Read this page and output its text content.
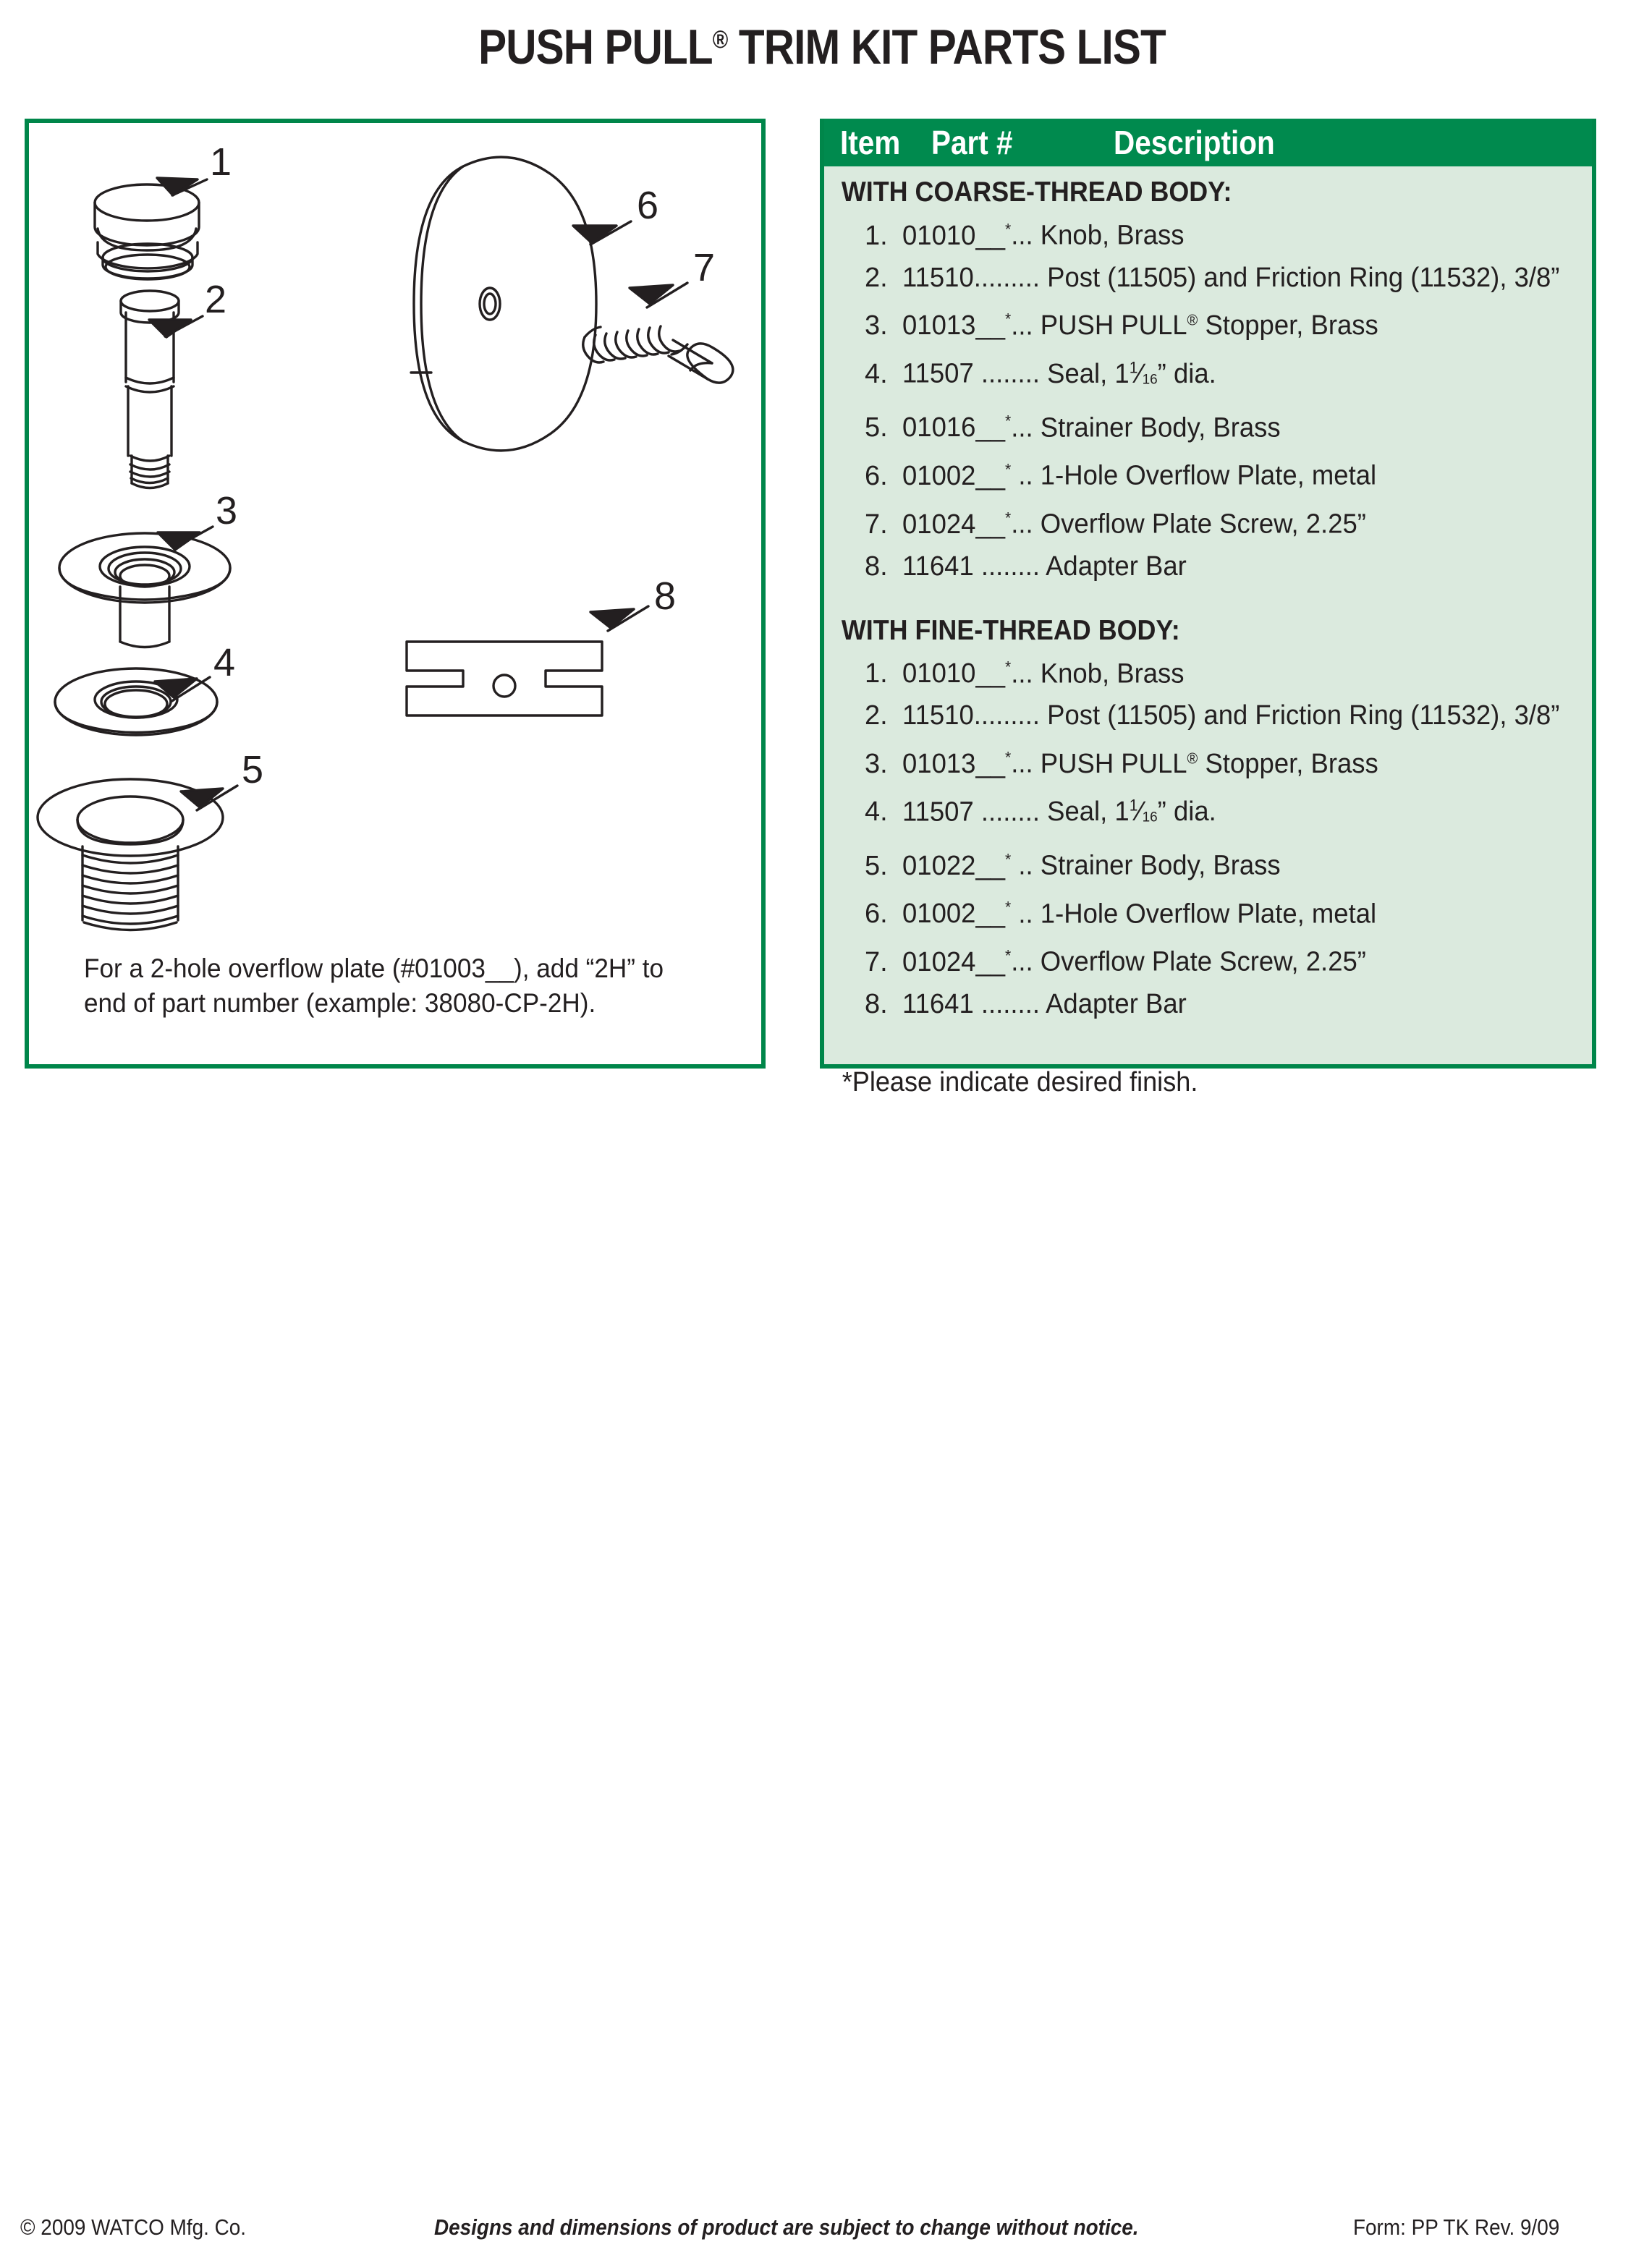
PUSH PULL® TRIM KIT PARTS LIST
1
2
3
4
5
6
7
8
For a 2-hole overflow plate (#01003__), add “2H” to end of part number (example: 38080-CP-2H).
Item Part #	Description
WITH COARSE-THREAD BODY:
1. 01010__*... Knob, Brass
2. 11510......... Post (11505) and Friction Ring (11532), 3/8”
3. 01013__*... PUSH PULL® Stopper, Brass
4. 11507 ........ Seal, $1^1⁄16$” dia.
5. 01016__*... Strainer Body, Brass
6. 01002__* .. 1-Hole Overflow Plate, metal
7. 01024__*... Overflow Plate Screw, 2.25”
8. 11641 ........ Adapter Bar
WITH FINE-THREAD BODY:
1. 01010__*... Knob, Brass
2. 11510......... Post (11505) and Friction Ring (11532), 3/8”
3. 01013__*... PUSH PULL® Stopper, Brass
4. 11507 ........ Seal, $1^1⁄16$” dia.
5. 01022__* .. Strainer Body, Brass
6. 01002__* .. 1-Hole Overflow Plate, metal
7. 01024__*... Overflow Plate Screw, 2.25”
8. 11641 ........ Adapter Bar
*Please indicate desired finish.
© 2009 WATCO Mfg. Co.	Designs and dimensions of product are subject to change without notice.	Form: PP TK Rev. 9/09
